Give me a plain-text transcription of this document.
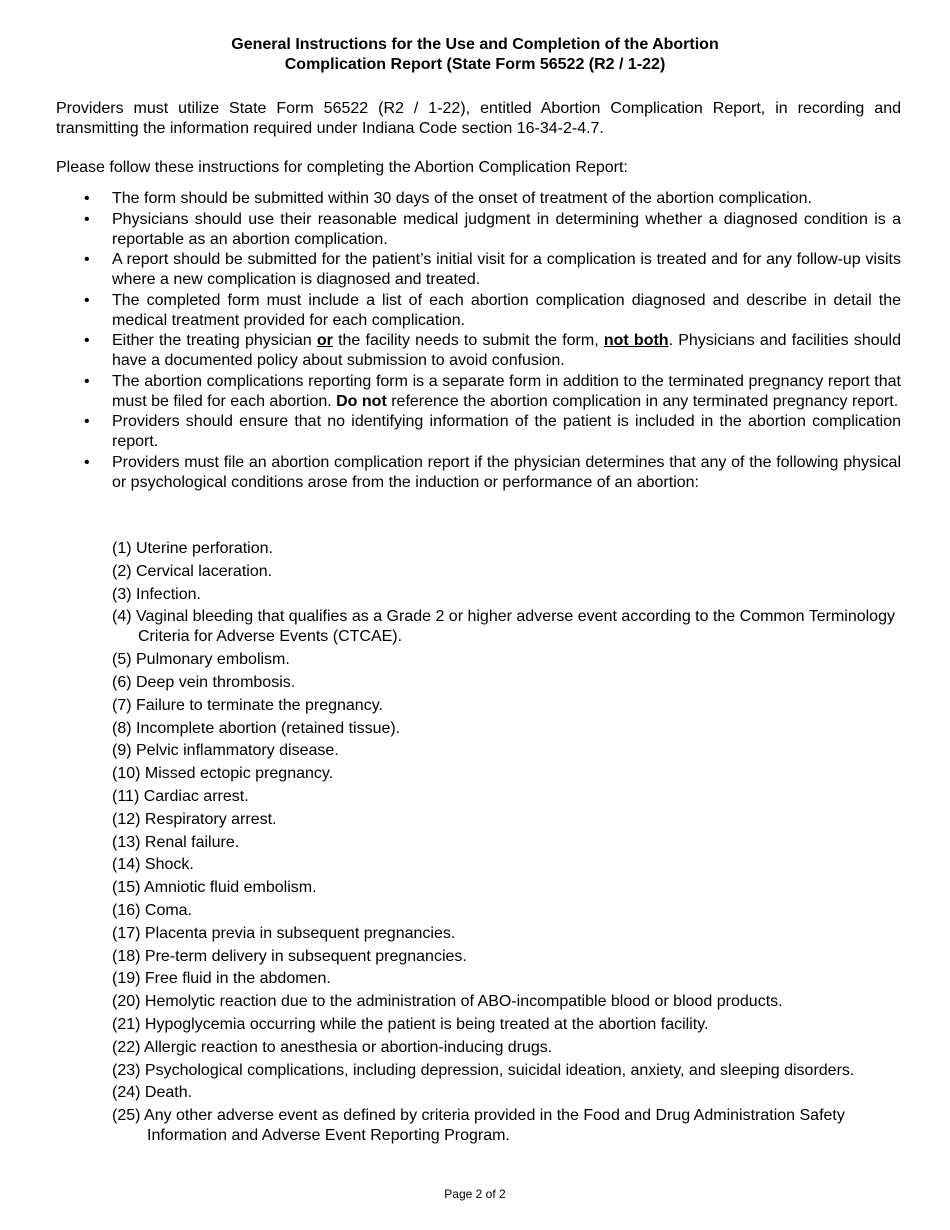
General Instructions for the Use and Completion of the Abortion
Complication Report (State Form 56522 (R2 / 1-22)

Providers must utilize State Form 56522 (R2 / 1-22), entitled Abortion Complication Report, in recording and transmitting the information required under Indiana Code section 16-34-2-4.7.

Please follow these instructions for completing the Abortion Complication Report:

• The form should be submitted within 30 days of the onset of treatment of the abortion complication.
• Physicians should use their reasonable medical judgment in determining whether a diagnosed condition is a reportable as an abortion complication.
• A report should be submitted for the patient’s initial visit for a complication is treated and for any follow-up visits where a new complication is diagnosed and treated.
• The completed form must include a list of each abortion complication diagnosed and describe in detail the medical treatment provided for each complication.
• Either the treating physician or the facility needs to submit the form, not both. Physicians and facilities should have a documented policy about submission to avoid confusion.
• The abortion complications reporting form is a separate form in addition to the terminated pregnancy report that must be filed for each abortion. Do not reference the abortion complication in any terminated pregnancy report.
• Providers should ensure that no identifying information of the patient is included in the abortion complication report.
• Providers must file an abortion complication report if the physician determines that any of the following physical or psychological conditions arose from the induction or performance of an abortion:
(1) Uterine perforation.
(2) Cervical laceration.
(3) Infection.
(4) Vaginal bleeding that qualifies as a Grade 2 or higher adverse event according to the Common Terminology Criteria for Adverse Events (CTCAE).
(5) Pulmonary embolism.
(6) Deep vein thrombosis.
(7) Failure to terminate the pregnancy.
(8) Incomplete abortion (retained tissue).
(9) Pelvic inflammatory disease.
(10) Missed ectopic pregnancy.
(11) Cardiac arrest.
(12) Respiratory arrest.
(13) Renal failure.
(14) Shock.
(15) Amniotic fluid embolism.
(16) Coma.
(17) Placenta previa in subsequent pregnancies.
(18) Pre-term delivery in subsequent pregnancies.
(19) Free fluid in the abdomen.
(20) Hemolytic reaction due to the administration of ABO-incompatible blood or blood products.
(21) Hypoglycemia occurring while the patient is being treated at the abortion facility.
(22) Allergic reaction to anesthesia or abortion-inducing drugs.
(23) Psychological complications, including depression, suicidal ideation, anxiety, and sleeping disorders.
(24) Death.
(25) Any other adverse event as defined by criteria provided in the Food and Drug Administration Safety Information and Adverse Event Reporting Program.
Page 2 of 2
